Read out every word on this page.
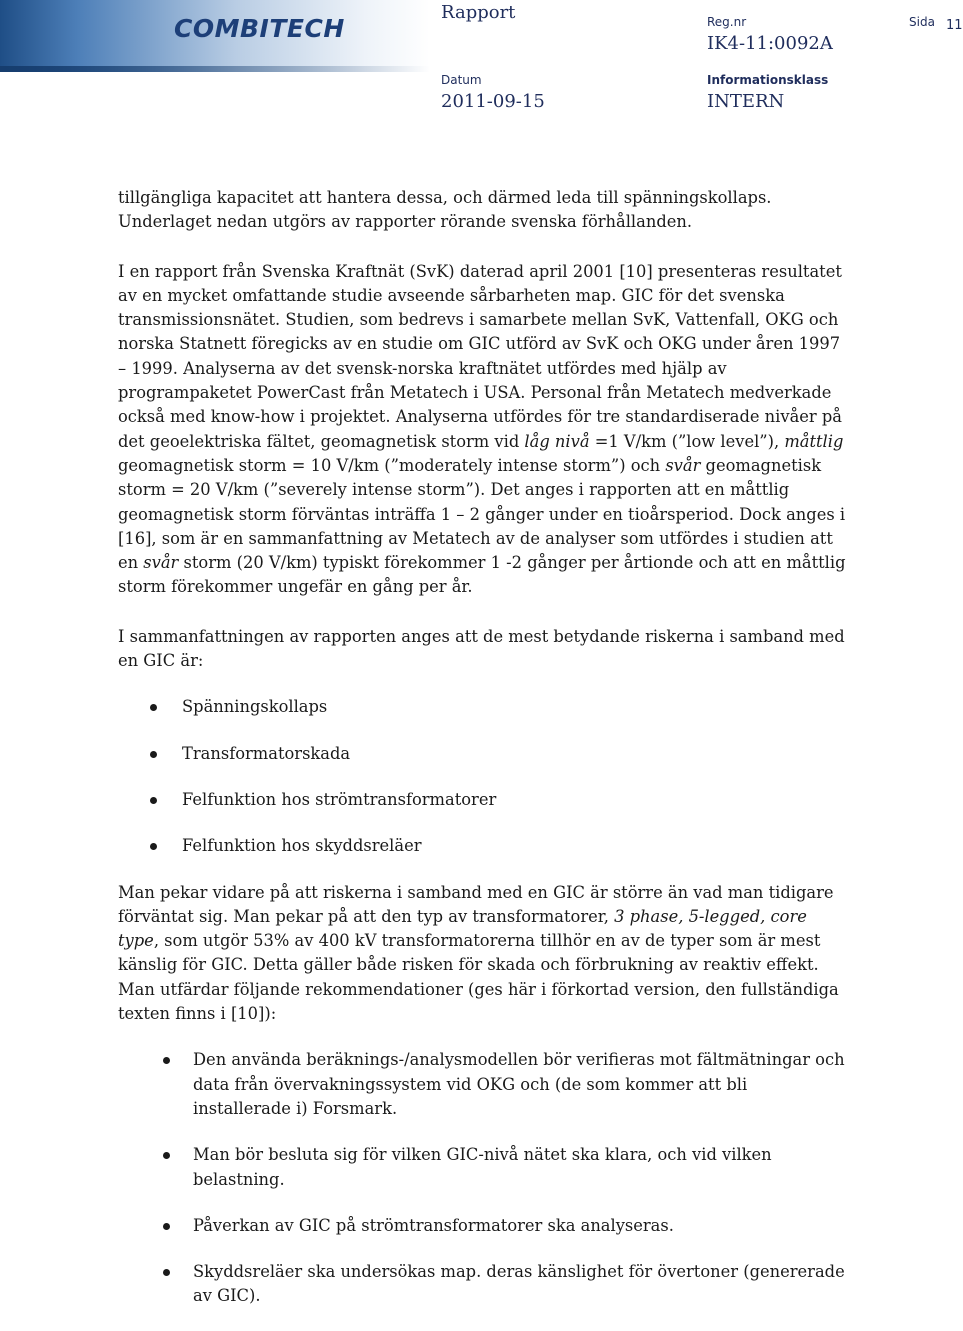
COMBITECH
Rapport	Reg.nr
IK4-11:0092A
Sida 11
Datum
2011-09-15
Informationsklass
INTERN

tillgängliga kapacitet att hantera dessa, och därmed leda till spänningskollaps. Underlaget nedan utgörs av rapporter rörande svenska förhållanden.

I en rapport från Svenska Kraftnät (SvK) daterad april 2001 [10] presenteras resultatet av en mycket omfattande studie avseende sårbarheten map. GIC för det svenska transmissionsnätet. Studien, som bedrevs i samarbete mellan SvK, Vattenfall, OKG och norska Statnett föregicks av en studie om GIC utförd av SvK och OKG under åren 1997 – 1999. Analyserna av det svensk-norska kraftnätet utfördes med hjälp av programpaketet PowerCast från Metatech i USA. Personal från Metatech medverkade också med know-how i projektet. Analyserna utfördes för tre standardiserade nivåer på det geoelektriska fältet, geomagnetisk storm vid låg nivå =1 V/km (”low level”), måttlig geomagnetisk storm = 10 V/km (”moderately intense storm”) och svår geomagnetisk storm = 20 V/km (”severely intense storm”). Det anges i rapporten att en måttlig geomagnetisk storm förväntas inträffa 1 – 2 gånger under en tioårsperiod. Dock anges i [16], som är en sammanfattning av Metatech av de analyser som utfördes i studien att en svår storm (20 V/km) typiskt förekommer 1 -2 gånger per årtionde och att en måttlig storm förekommer ungefär en gång per år.

I sammanfattningen av rapporten anges att de mest betydande riskerna i samband med en GIC är:

Spänningskollaps
Transformatorskada
Felfunktion hos strömtransformatorer
Felfunktion hos skyddsreläer

Man pekar vidare på att riskerna i samband med en GIC är större än vad man tidigare förväntat sig. Man pekar på att den typ av transformatorer, 3 phase, 5-legged, core type, som utgör 53% av 400 kV transformatorerna tillhör en av de typer som är mest känslig för GIC. Detta gäller både risken för skada och förbrukning av reaktiv effekt. Man utfärdar följande rekommendationer (ges här i förkortad version, den fullständiga texten finns i [10]):

Den använda beräknings-/analysmodellen bör verifieras mot fältmätningar och data från övervakningssystem vid OKG och (de som kommer att bli installerade i) Forsmark.
Man bör besluta sig för vilken GIC-nivå nätet ska klara, och vid vilken belastning.
Påverkan av GIC på strömtransformatorer ska analyseras.
Skyddsreläer ska undersökas map. deras känslighet för övertoner (genererade av GIC).
